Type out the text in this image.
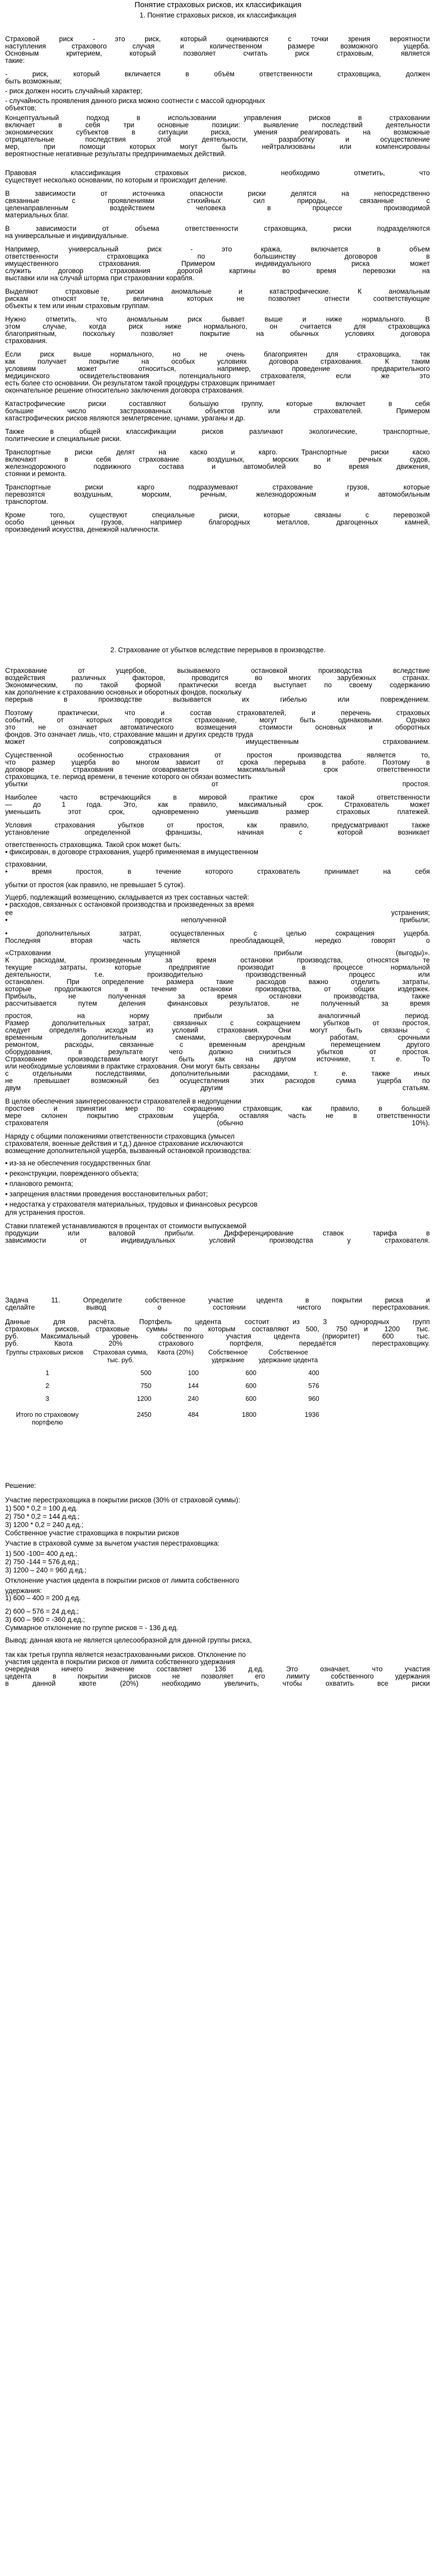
Понятие страховых рисков, их классификация
1. Понятие страховых рисков, их классификация
Страховой риск - это риск, который оцениваются с точки зрения вероятности
наступления страхового случая и количественном размере возможного ущерба.
Основным критерием, который позволяет считать риск страховым, является
такие:
- риск, который вкличается в объём ответственности страховщика, должен
быть возможным;
- риск должен носить случайный характер;
- случайность проявления данного риска можно соотнести с массой однородных
объектов;
Концептуальный подход в использовании управления рисков в страховании
включает в себя три основные позиции: выявление последствий деятельности
экономических субъектов в ситуации риска, умения реагировать на возможные
отрицательные последствия этой деятельности, разработку и осуществление
мер, при помощи которых могут быть нейтрализованы или компенсированы
вероятностные негативные результаты предпринимаемых действий.
Правовая классификация страховых рисков, необходимо отметить, что
существует несколько основании, по которым и происходит деление.
В зависимости от источника опасности риски делятся на непосредственно
связанные с проявлениями стихийных сил природы, связанные с
целенаправленным воздействием человека в процессе производимой
материальных благ.
В зависимости от объема ответственности страховщика, риски подразделяются
на универсальные и индивидуальные.
Например, универсальный риск - это кража, включается в объем
ответственности страховщика по большинству договоров в
имущественного страхования. Примером индивидуального риска может
служить договор страхования дорогой картины во время перевозки на
выставки или на случай шторма при страховании корабля.
Выделяют страховые риски аномальные и катастрофические. К аномальным
рискам относят те, величина которых не позволяет отнести соответствующие
объекты к тем или иным страховым группам.
Нужно отметить, что аномальным риск бывает выше и ниже нормального. В
этом случае, когда риск ниже нормального, он считается для страховщика
благоприятным, поскольку позволяет покрытие на обычных условиях договора
страхования.
Если риск выше нормального, но не очень благоприятен для страховщика, так
как получает покрытие на особых условиях договора страхования. К таким
условиям может относиться, например, проведение предварительного
медицинского освидетельствования потенциального страхователя, если же это
есть более сто основании. Он результатом такой процедуры страховщик принимает
окончательное решение относительно заключения договора страхования.
Катастрофические риски составляют большую группу, которые включает в себя
большие число застрахованных объектов или страхователей. Примером
катастрофических рисков являются землетрясение, цунами, ураганы и др.
Также в общей классификации рисков различают экологические, транспортные,
политические и специальные риски.
Транспортные риски делят на каско и карго. Транспортные риски каско
включают в себя страхование воздушных, морских и речных судов,
железнодорожного подвижного состава и автомобилей во время движения,
стоянки и ремонта.
Транспортные риски карго подразумевают страхование грузов, которые
перевозятся воздушным, морским, речным, железнодорожным и автомобильным
транспортом.
Кроме того, существуют специальные риски, которые связаны с перевозкой
особо ценных грузов, например благородных металлов, драгоценных камней,
произведений искусства, денежной наличности.
2. Страхование от убытков вследствие перерывов в производстве.
Страхование от ущербов, вызываемого остановкой производства вследствие
воздействия различных факторов, проводится во многих зарубежных странах.
Экономическим, по такой формой практически всегда выступает по своему содержанию
как дополнение к страхованию основных и оборотных фондов, поскольку
перерыв в производстве вызывается их гибелью или повреждением.
Поэтому практически, что и состав страхователей, и перечень страховых
событий, от которых проводится страхование, могут быть одинаковыми. Однако
это не означает автоматического возмещения стоимости основных и оборотных
фондов. Это означает лишь, что, страхование машин и других средств труда
может сопровождаться имущественным страхованием.
Существенной особенностью страхования от простоя производства является то,
что размер ущерба во многом зависит от срока перерыва в работе. Поэтому в
договоре страхования оговаривается максимальный срок ответственности
страховщика, т.е. период времени, в течение которого он обязан возместить
убытки от простоя.
Наиболее часто встречающийся в мировой практике срок такой ответственности
— до 1 года. Это, как правило, максимальный срок. Страхователь может
уменьшить этот срок, одновременно уменьшив размер страховых платежей.
Условия страхования убытков от простоя, как правило, предусматривают также
установление определенной франшизы, начиная с которой возникает
ответственность страховщика. Такой срок может быть:
• фиксирован, в договоре страхования, ущерб применяемая в имущественном
страховании,
• время простоя, в течение которого страхователь принимает на себя
убытки от простоя (как правило, не превышает 5 суток).
Ущерб, подлежащий возмещению, складывается из трех составных частей:
• расходов, связанных с остановкой производства и произведенных за время
ее устранения;
• неполученной прибыли;
• дополнительных затрат, осуществленных с целью сокращения ущерба.
Последняя вторая часть является преобладающей, нередко говорят о
«Страховании упущенной прибыли (выгоды)».
К расходам, произведенным за время остановки производства, относятся те
текущие затраты, которые предприятие производит в процессе нормальной
деятельности, т.е. производительно производственный процесс или
остановлен. При определение размера такие расходов важно отделить затраты,
которые продолжаются в течение остановки производства, от общих издержек.
Прибыль, не полученная за время остановки производства, также
рассчитывается путем деления финансовых результатов, не полученный за время
простоя, на норму прибыли за аналогичный период.
Размер дополнительных затрат, связанных с сокращением убытков от простоя,
следует определять исходя из условий страхования. Они могут быть связаны с
временным дополнительным сменами, сверхурочным работам, срочными
ремонтом, расходы, связанные с временным арендным перемещением другого
оборудования, в результате чего должно снизиться убытков от простоя.
Страхование производствами могут быть как на другом источнике, т. е. То
или необходимые условиями в практике страхования. Они могут быть связаны
с отдельными последствиями, дополнительными расходами, т. е. также иных
не превышает возможный без осуществления этих расходов сумма ущерба по
двум другим статьям.
В целях обеспечения заинтересованности страхователей в недопущении
простоев и принятии мер по сокращению страховщик, как правило, в большей
мере склонен покрытию страховым ущерба, оставляя часть не в ответственности
страхователя (обычно 10%).
Наряду с общими положениями ответственности страховщика (умысел
страхователя, военные действия и т.д.) данное страхование исключаются
возмещение дополнительной ущерба, вызванный остановкой производства:
• из-за не обеспечения государственных благ
• реконструкции, поврежденного объекта;
• планового ремонта;
• запрещения властями проведения восстановительных работ;
• недостатка у страхователя материальных, трудовых и финансовых ресурсов
для устранения простоя.
Ставки платежей устанавливаются в процентах от стоимости выпускаемой
продукции или валовой прибыли. Дифференцирование ставок тарифа в
зависимости от индивидуальных условий производства у страхователя.
Задача 11. Определите собственное участие цедента в покрытии риска и
сделайте вывод о состоянии чистого перестрахования.
Данные для расчёта. Портфель цедента состоит из 3 однородных групп
страховых рисков, страховые суммы по которым составляют 500, 750 и 1200 тыс.
руб. Максимальный уровень собственного участия цедента (приоритет) 600 тыс.
руб. Квота 20% страхового портфеля, передаётся перестраховщику.
Решение:
Участие перестраховщика в покрытии рисков (30% от страховой суммы):
1) 500 * 0,2 = 100 д.ед.
2) 750 * 0,2 = 144 д.ед.;
3) 1200 * 0,2 = 240 д.ед.;
Собственное участие страховщика в покрытии рисков
Участие в страховой сумме за вычетом участия перестраховщика:
1) 500 -100= 400 д.ед.;
2) 750 -144 = 576 д.ед.;
3) 1200 – 240 = 960 д.ед.;
Отклонение участия цедента в покрытии рисков от лимита собственного
удержания:
1) 600 – 400 = 200 д.ед.
2) 600 – 576 = 24 д.ед.;
3) 600 – 960 = -360 д.ед.;
Суммарное отклонение по группе рисков = - 136 д.ед.
Вывод: данная квота не является целесообразной для данной группы риска,
так как третья группа является незастрахованными рисков. Отклонение по
участия цедента в покрытии рисков от лимита собственного удержания
очередная ничего значение составляет 136 д.ед. Это означает, что участия
цедента в покрытии рисков не позволяет его лимиту собственного удержания
в данной квоте (20%) необходимо увеличить, чтобы охватить все риски
Группы страховых рисков	Страховая сумма, тыс. руб.	Квота (20%)	Собственное удержание	Собственное удержание цедента
1	500	100	600	400
2	750	144	600	576
3	1200	240	600	960
Итого по страховому портфелю	2450	484	1800	1936
